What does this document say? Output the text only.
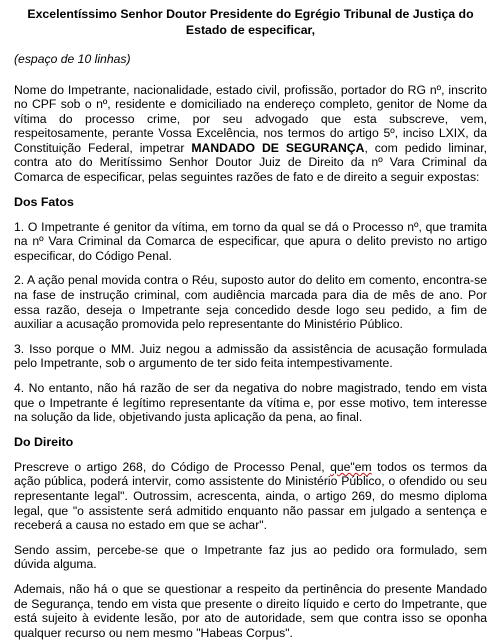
Excelentíssimo Senhor Doutor Presidente do Egrégio Tribunal de Justiça do Estado de especificar,
(espaço de 10 linhas)

Nome do Impetrante, nacionalidade, estado civil, profissão, portador do RG nº, inscrito no CPF sob o nº, residente e domiciliado na endereço completo, genitor de Nome da vítima do processo crime, por seu advogado que esta subscreve, vem, respeitosamente, perante Vossa Excelência, nos termos do artigo 5º, inciso LXIX, da Constituição Federal, impetrar MANDADO DE SEGURANÇA, com pedido liminar, contra ato do Meritíssimo Senhor Doutor Juiz de Direito da nº Vara Criminal da Comarca de especificar, pelas seguintes razões de fato e de direito a seguir expostas:

Dos Fatos

1. O Impetrante é genitor da vítima, em torno da qual se dá o Processo nº, que tramita na nº Vara Criminal da Comarca de especificar, que apura o delito previsto no artigo especificar, do Código Penal.

2. A ação penal movida contra o Réu, suposto autor do delito em comento, encontra-se na fase de instrução criminal, com audiência marcada para dia de mês de ano. Por essa razão, deseja o Impetrante seja concedido desde logo seu pedido, a fim de auxiliar a acusação promovida pelo representante do Ministério Público.

3. Isso porque o MM. Juiz negou a admissão da assistência de acusação formulada pelo Impetrante, sob o argumento de ter sido feita intempestivamente.

4. No entanto, não há razão de ser da negativa do nobre magistrado, tendo em vista que o Impetrante é legítimo representante da vítima e, por esse motivo, tem interesse na solução da lide, objetivando justa aplicação da pena, ao final.

Do Direito

Prescreve o artigo 268, do Código de Processo Penal, que"em todos os termos da ação pública, poderá intervir, como assistente do Ministério Público, o ofendido ou seu representante legal". Outrossim, acrescenta, ainda, o artigo 269, do mesmo diploma legal, que "o assistente será admitido enquanto não passar em julgado a sentença e receberá a causa no estado em que se achar".

Sendo assim, percebe-se que o Impetrante faz jus ao pedido ora formulado, sem dúvida alguma.

Ademais, não há o que se questionar a respeito da pertinência do presente Mandado de Segurança, tendo em vista que presente o direito líquido e certo do Impetrante, que está sujeito à evidente lesão, por ato de autoridade, sem que contra isso se oponha qualquer recurso ou nem mesmo "Habeas Corpus".
